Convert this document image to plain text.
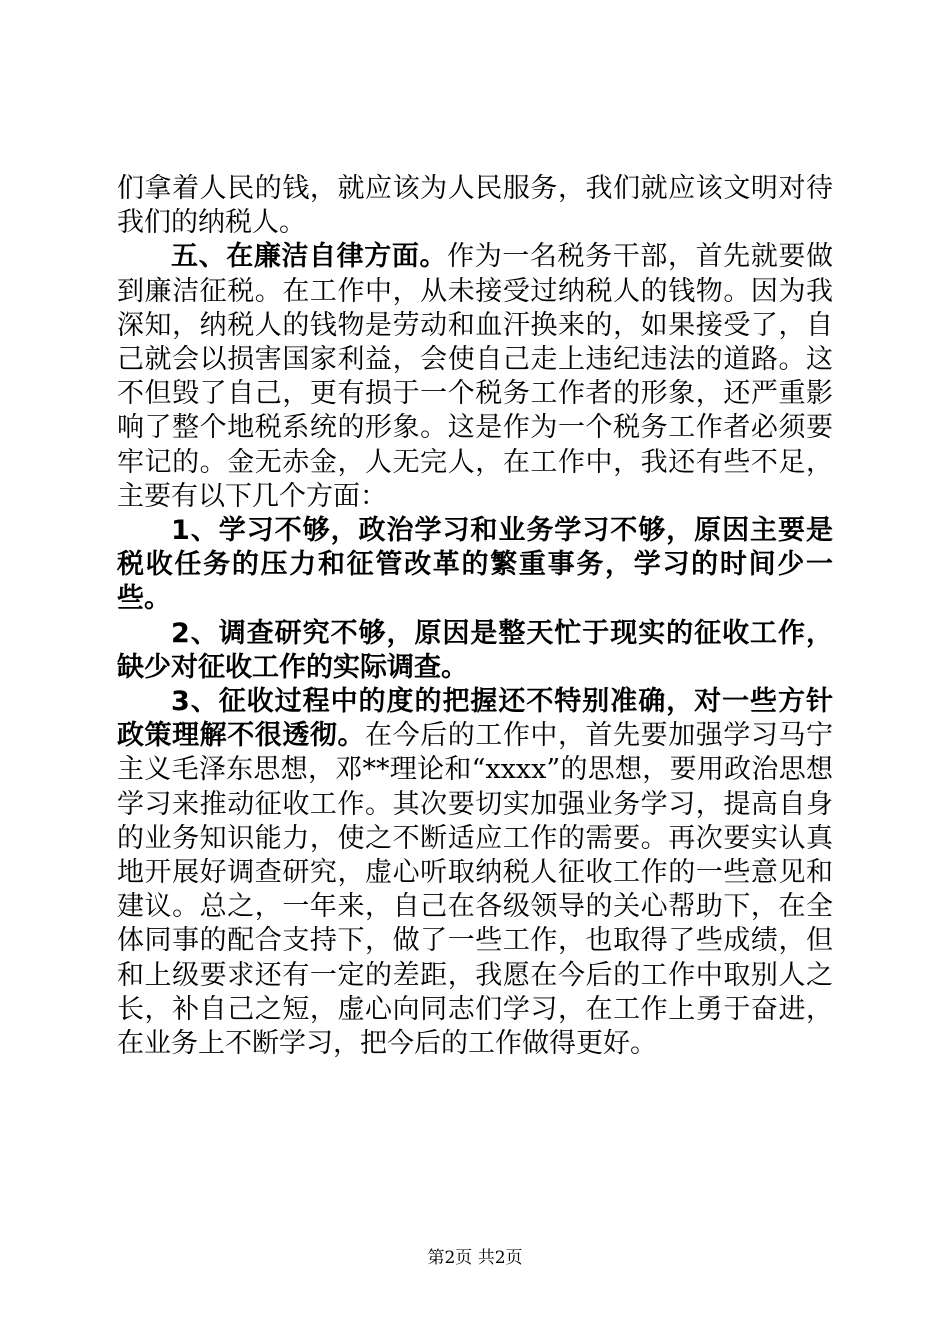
们拿着人民的钱，就应该为人民服务，我们就应该文明对待我们的纳税人。

五、在廉洁自律方面。作为一名税务干部，首先就要做到廉洁征税。在工作中，从未接受过纳税人的钱物。因为我深知，纳税人的钱物是劳动和血汗换来的，如果接受了，自己就会以损害国家利益，会使自己走上违纪违法的道路。这不但毁了自己，更有损于一个税务工作者的形象，还严重影响了整个地税系统的形象。这是作为一个税务工作者必须要牢记的。金无赤金，人无完人，在工作中，我还有些不足，主要有以下几个方面：

1、学习不够，政治学习和业务学习不够，原因主要是税收任务的压力和征管改革的繁重事务，学习的时间少一些。

2、调查研究不够，原因是整天忙于现实的征收工作，缺少对征收工作的实际调查。

3、征收过程中的度的把握还不特别准确，对一些方针政策理解不很透彻。在今后的工作中，首先要加强学习马宁主义毛泽东思想，邓**理论和“xxxx”的思想，要用政治思想学习来推动征收工作。其次要切实加强业务学习，提高自身的业务知识能力，使之不断适应工作的需要。再次要实认真地开展好调查研究，虚心听取纳税人征收工作的一些意见和建议。总之，一年来，自己在各级领导的关心帮助下，在全体同事的配合支持下，做了一些工作，也取得了些成绩，但和上级要求还有一定的差距，我愿在今后的工作中取别人之长，补自己之短，虚心向同志们学习，在工作上勇于奋进，在业务上不断学习，把今后的工作做得更好。

第2页 共2页
